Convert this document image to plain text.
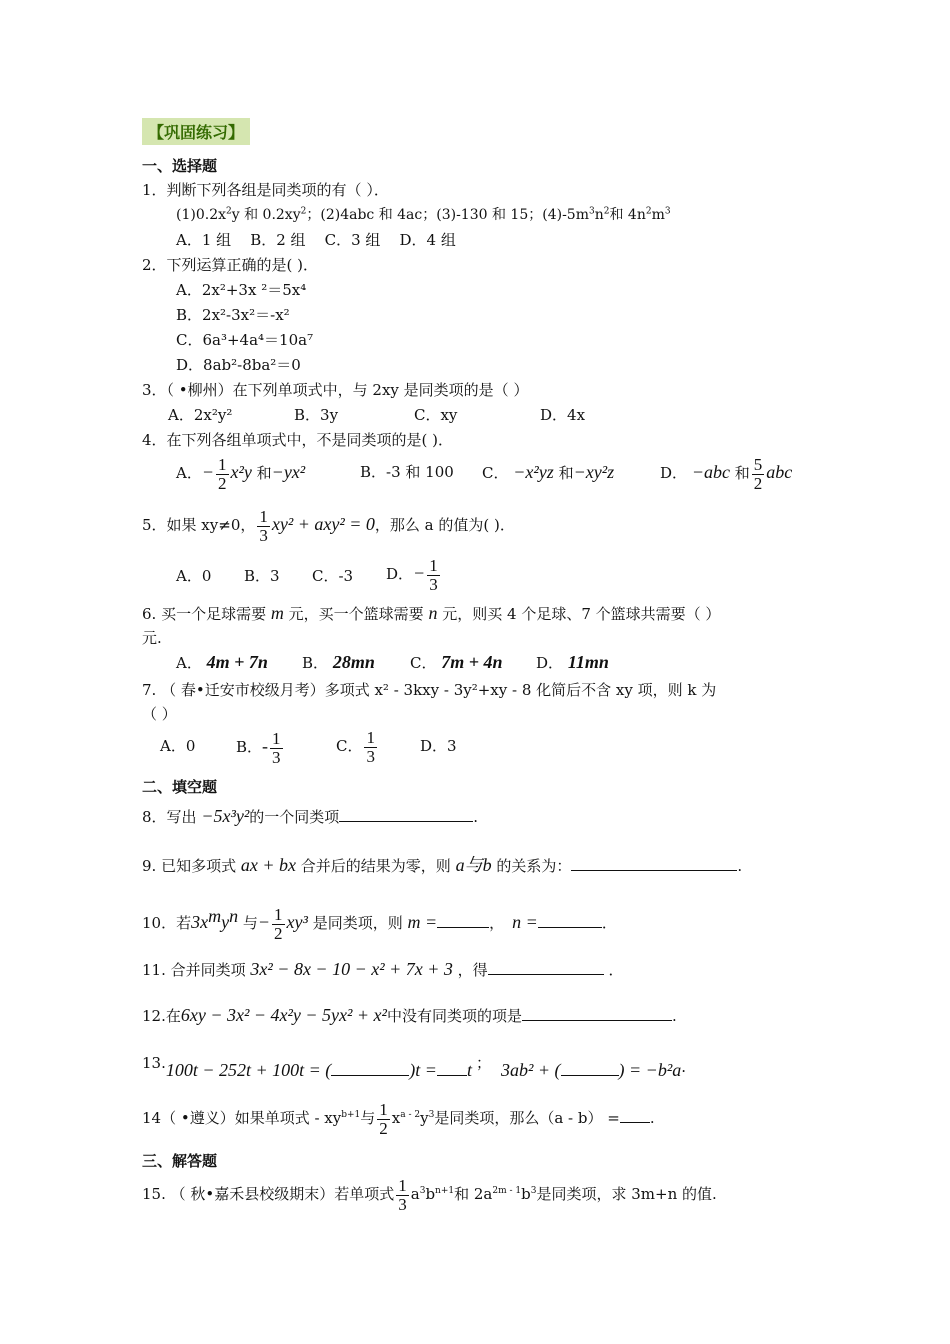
【巩固练习】
一、选择题
1．判断下列各组是同类项的有（ ）．
$(1)0.2x^2y$ 和 $0.2xy^2$；(2)4abc 和 4ac；(3)-130 和 15；$(4)-5m^3n^2$和 $4n^2m^3$
A．1 组    B．2 组    C．3 组    D．4 组
2．下列运算正确的是( )．
A．2x²+3x ²＝5x⁴
B．2x²-3x²＝-x²
C．6a³+4a⁴＝10a⁷
D．8ab²-8ba²＝0
3．（ •柳州）在下列单项式中，与 2xy 是同类项的是（ ）
A．2x²y²	B．3y	C．xy	D．4x
4．在下列各组单项式中，不是同类项的是( )．
A．− $\frac{1}{2} x^2y$ 和−yx²	B．-3 和 100 C． −x²yz 和−xy²z	D． −abc 和 $\frac{5}{2}$ abc
5．如果 xy≠0， $\frac{1}{3} xy^2 + axy^2 = 0$，那么 a 的值为( )．
A．0 B．3 C．-3 D．− $\frac{1}{3}$
6. 买一个足球需要 m 元，买一个篮球需要 n 元，则买 4 个足球、7 个篮球共需要（ ）
元.
A． 4m + 7n B． 28mn C． 7m + 4n D． 11mn
7. （ 春•迁安市校级月考）多项式 x² - 3kxy - 3y²+xy - 8 化简后不含 xy 项，则 k 为
（ ）
A．0	B．- $\frac{1}{3}$	C． $\frac{1}{3}$	D．3
二、填空题
8．写出 −5x³y²的一个同类项	.
9. 已知多项式 ax + bx 合并后的结果为零，则 a与b 的关系为：	.
10．若$3x^my^n$ 与− $\frac{1}{2} xy^3$ 是同类项，则 m =	， n =	．
11. 合并同类项 3x² − 8x − 10 − x² + 7x + 3 ，得	．
12.在6xy − 3x² − 4x²y − 5yx² + x²中没有同类项的项是	.
13.100t − 252t + 100t = (	)t = t ； 3ab² + (	) = −b²a·
14（ •遵义）如果单项式 - $xy^{b+1}$与 $\frac{1}{2} x^{a - 2}y^3$是同类项，那么（a - b） = .
三、解答题
15. （ 秋•嘉禾县校级期末）若单项式 $\frac{1}{3} a^3b^{n+1}$和 $2a^{2m - 1}b^3$是同类项，求 3m+n 的值.
